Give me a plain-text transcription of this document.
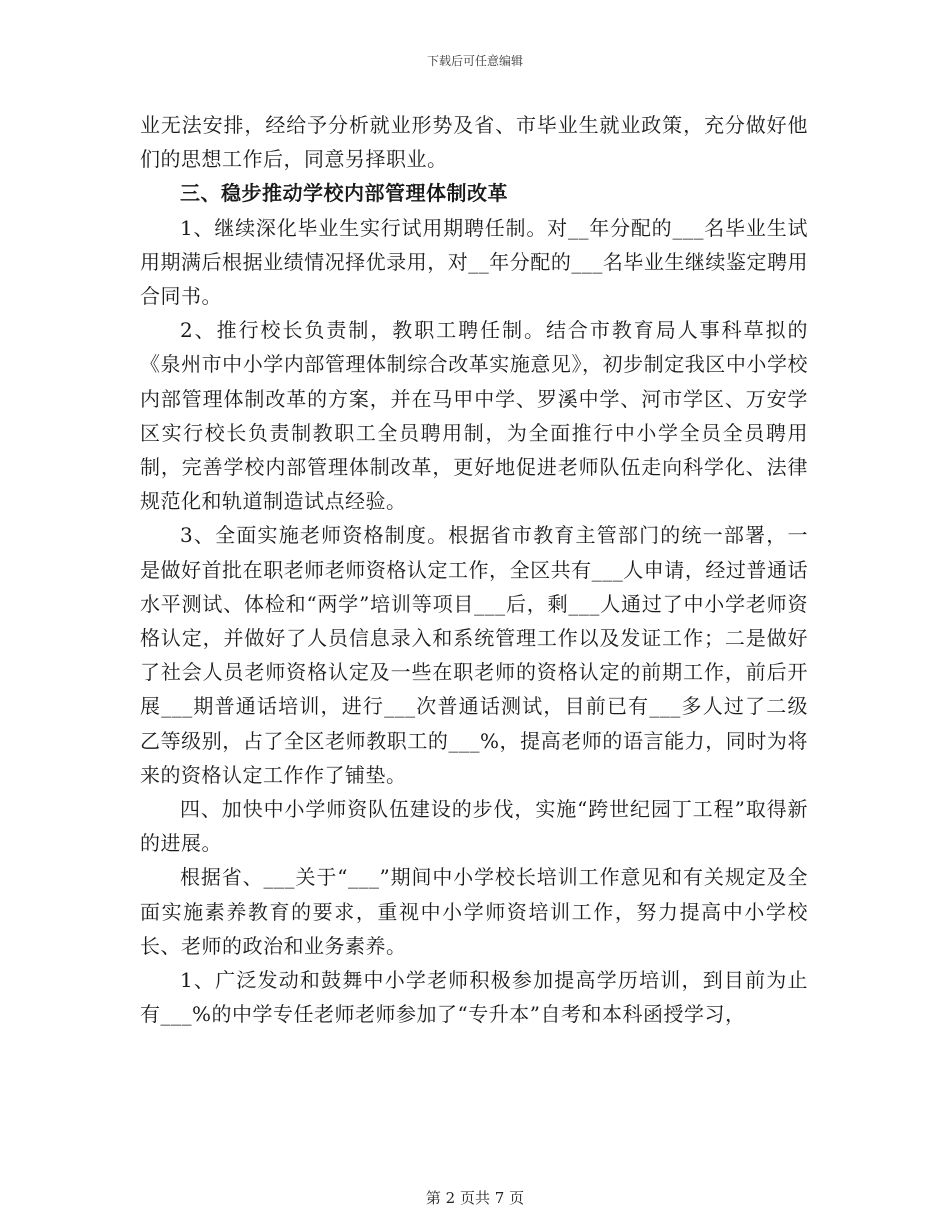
下载后可任意编辑

业无法安排，经给予分析就业形势及省、市毕业生就业政策，充分做好他们的思想工作后，同意另择职业。

三、稳步推动学校内部管理体制改革

1、继续深化毕业生实行试用期聘任制。对__年分配的___名毕业生试用期满后根据业绩情况择优录用，对__年分配的___名毕业生继续鉴定聘用合同书。

2、推行校长负责制，教职工聘任制。结合市教育局人事科草拟的《泉州市中小学内部管理体制综合改革实施意见》，初步制定我区中小学校内部管理体制改革的方案，并在马甲中学、罗溪中学、河市学区、万安学区实行校长负责制教职工全员聘用制，为全面推行中小学全员全员聘用制，完善学校内部管理体制改革，更好地促进老师队伍走向科学化、法律规范化和轨道制造试点经验。

3、全面实施老师资格制度。根据省市教育主管部门的统一部署，一是做好首批在职老师老师资格认定工作，全区共有___人申请，经过普通话水平测试、体检和“两学”培训等项目___后，剩___人通过了中小学老师资格认定，并做好了人员信息录入和系统管理工作以及发证工作；二是做好了社会人员老师资格认定及一些在职老师的资格认定的前期工作，前后开展___期普通话培训，进行___次普通话测试，目前已有___多人过了二级乙等级别，占了全区老师教职工的___%，提高老师的语言能力，同时为将来的资格认定工作作了铺垫。

四、加快中小学师资队伍建设的步伐，实施“跨世纪园丁工程”取得新的进展。

根据省、___关于“___”期间中小学校长培训工作意见和有关规定及全面实施素养教育的要求，重视中小学师资培训工作，努力提高中小学校长、老师的政治和业务素养。

1、广泛发动和鼓舞中小学老师积极参加提高学历培训，到目前为止有___%的中学专任老师老师参加了“专升本”自考和本科函授学习，

第 2 页共 7 页
